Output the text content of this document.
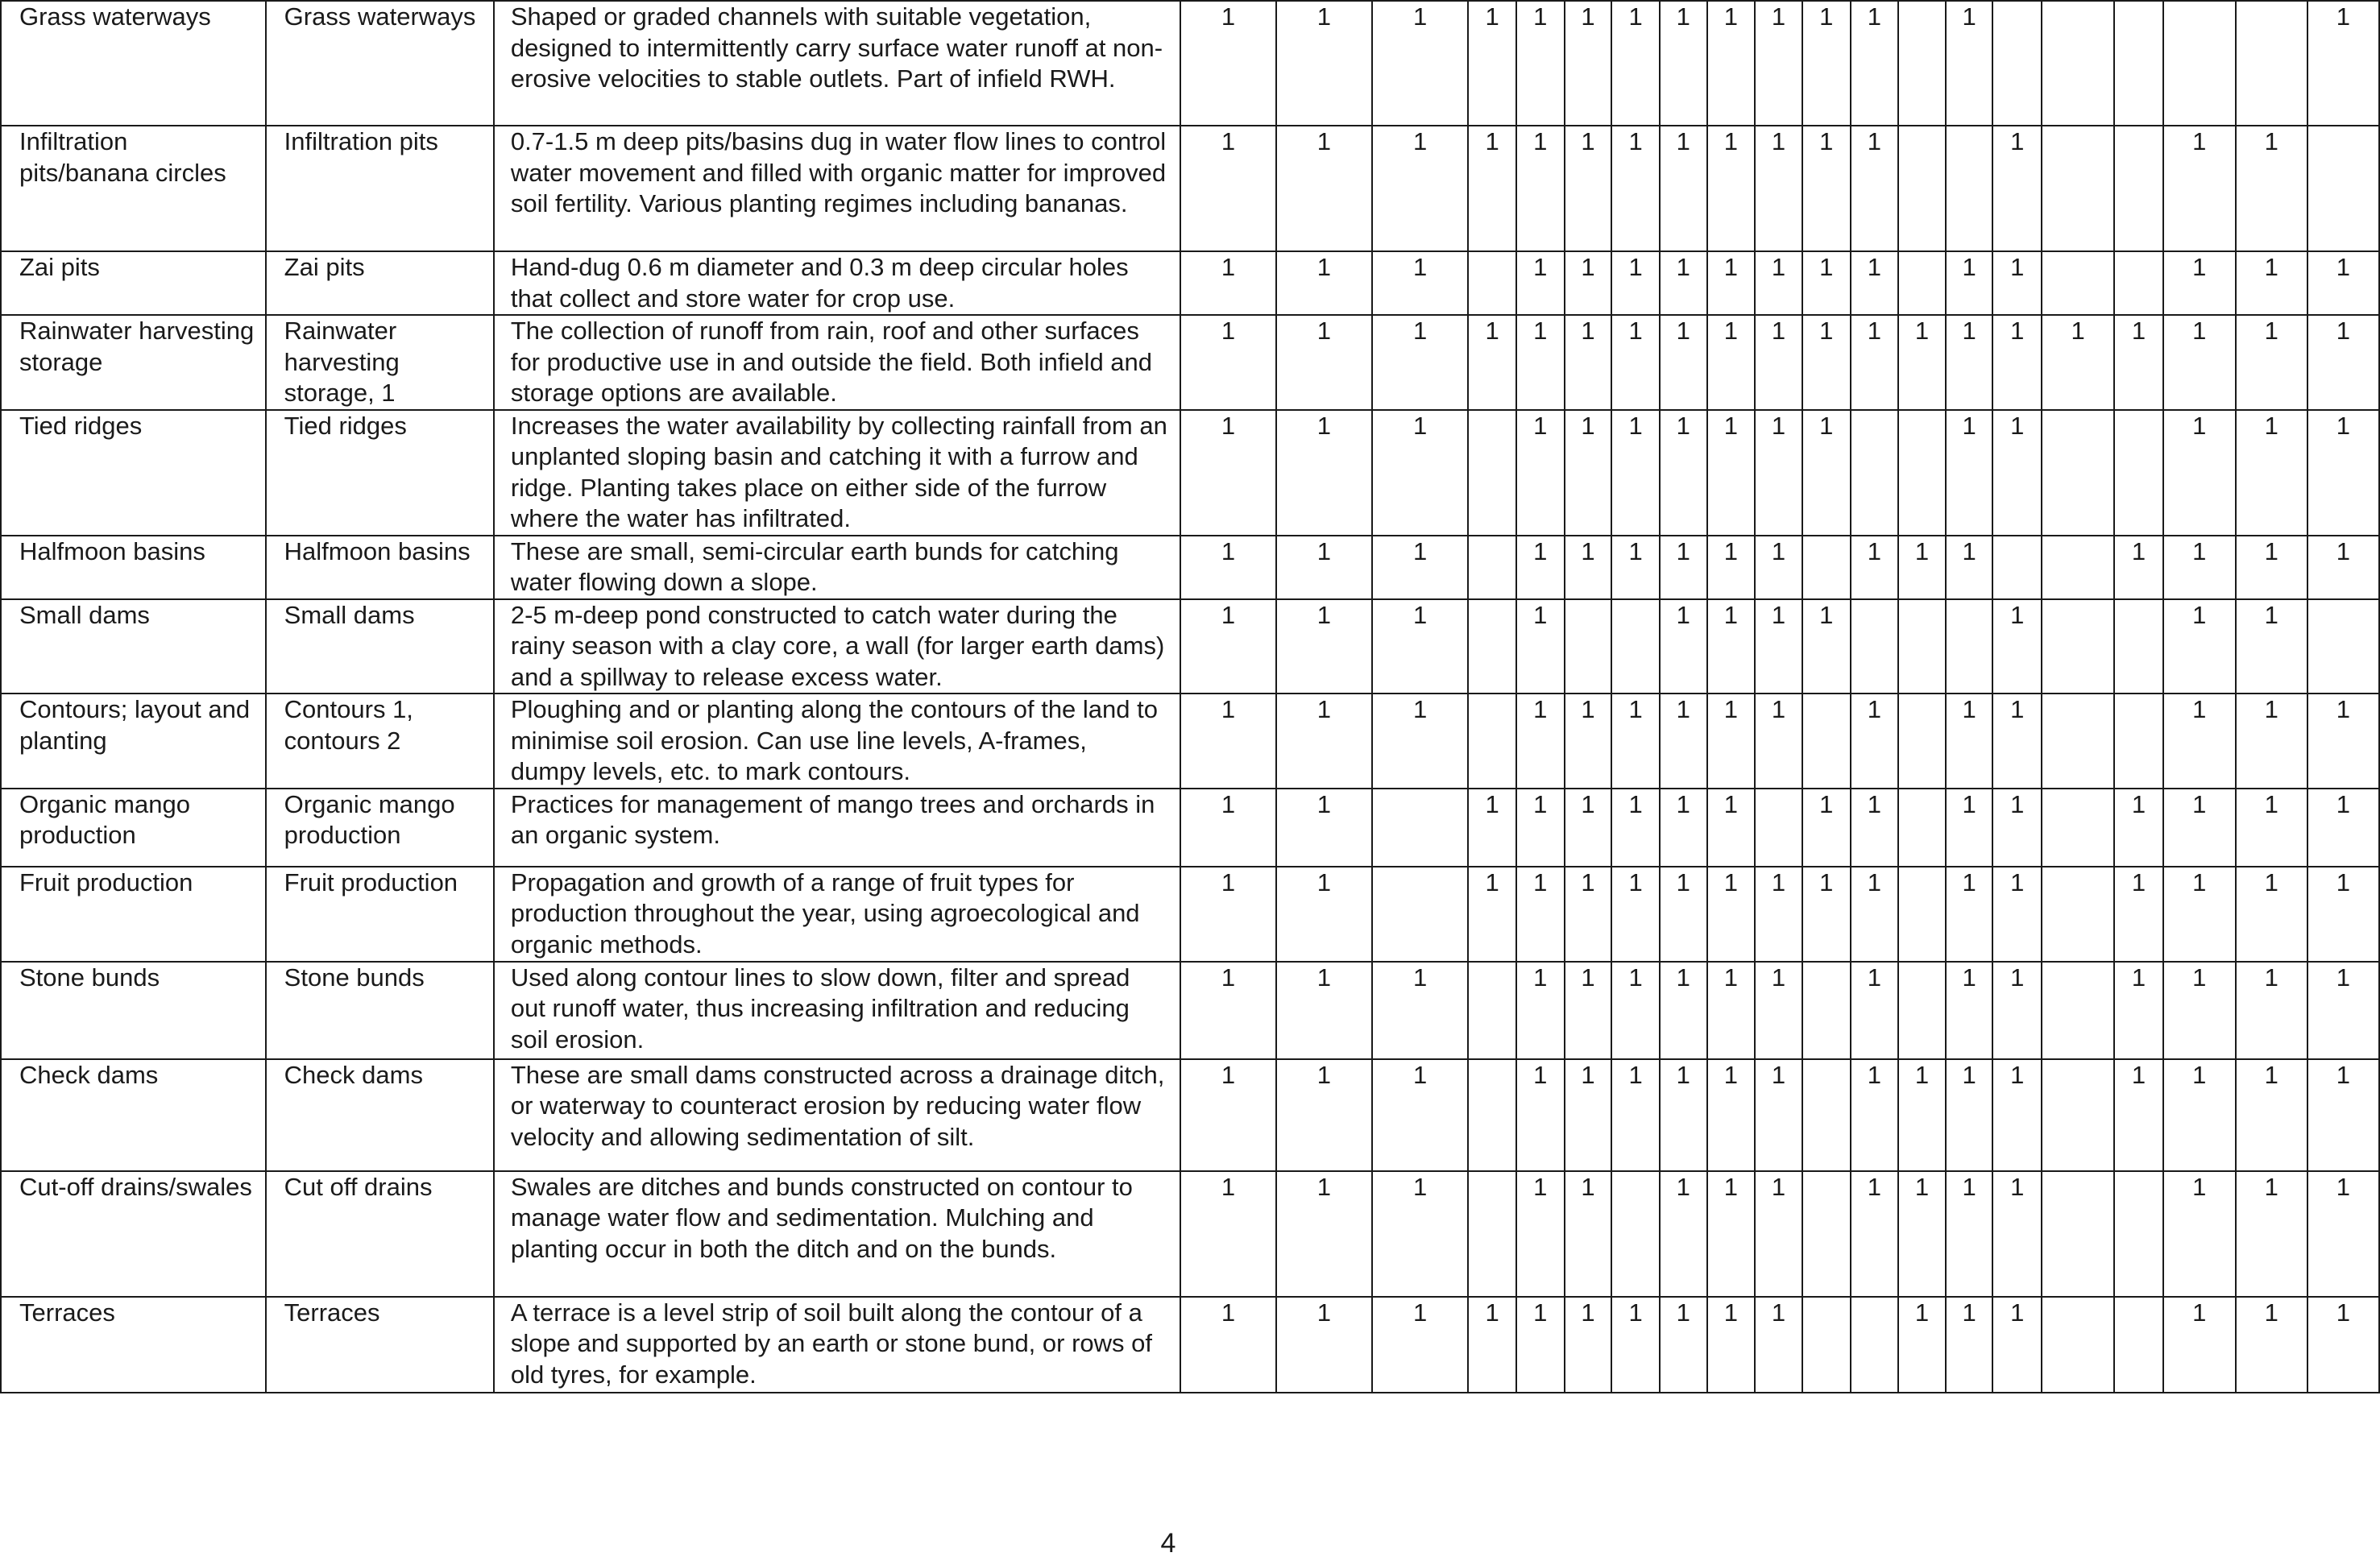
Grass waterways	Grass waterways	Shaped or graded channels with suitable vegetation, designed to intermittently carry surface water runoff at non-erosive velocities to stable outlets. Part of infield RWH.	1	1	1	1	1	1	1	1	1	1	1	1		1						1
Infiltration pits/banana circles	Infiltration pits	0.7-1.5 m deep pits/basins dug in water flow lines to control water movement and filled with organic matter for improved soil fertility. Various planting regimes including bananas.	1	1	1	1	1	1	1	1	1	1	1	1			1			1	1	
Zai pits	Zai pits	Hand-dug 0.6 m diameter and 0.3 m deep circular holes that collect and store water for crop use.	1	1	1		1	1	1	1	1	1	1	1		1	1			1	1	1
Rainwater harvesting storage	Rainwater harvesting storage, 1	The collection of runoff from rain, roof and other surfaces for productive use in and outside the field. Both infield and storage options are available.	1	1	1	1	1	1	1	1	1	1	1	1	1	1	1	1	1	1	1	1
Tied ridges	Tied ridges	Increases the water availability by collecting rainfall from an unplanted sloping basin and catching it with a furrow and ridge. Planting takes place on either side of the furrow where the water has infiltrated.	1	1	1		1	1	1	1	1	1	1			1	1			1	1	1
Halfmoon basins	Halfmoon basins	These are small, semi-circular earth bunds for catching water flowing down a slope.	1	1	1		1	1	1	1	1	1		1	1	1			1	1	1	1
Small dams	Small dams	2-5 m-deep pond constructed to catch water during the rainy season with a clay core, a wall (for larger earth dams) and a spillway to release excess water.	1	1	1		1			1	1	1	1				1			1	1	
Contours; layout and planting	Contours 1, contours 2	Ploughing and or planting along the contours of the land to minimise soil erosion. Can use line levels, A-frames, dumpy levels, etc. to mark contours.	1	1	1		1	1	1	1	1	1		1		1	1			1	1	1
Organic mango production	Organic mango production	Practices for management of mango trees and orchards in an organic system.	1	1		1	1	1	1	1	1		1	1		1	1		1	1	1	1
Fruit production	Fruit production	Propagation and growth of a range of fruit types for production throughout the year, using agroecological and organic methods.	1	1		1	1	1	1	1	1	1	1	1		1	1		1	1	1	1
Stone bunds	Stone bunds	Used along contour lines to slow down, filter and spread out runoff water, thus increasing infiltration and reducing soil erosion.	1	1	1		1	1	1	1	1	1		1		1	1		1	1	1	1
Check dams	Check dams	These are small dams constructed across a drainage ditch, or waterway to counteract erosion by reducing water flow velocity and allowing sedimentation of silt.	1	1	1		1	1	1	1	1	1		1	1	1	1		1	1	1	1
Cut-off drains/swales	Cut off drains	Swales are ditches and bunds constructed on contour to manage water flow and sedimentation. Mulching and planting occur in both the ditch and on the bunds.	1	1	1		1	1		1	1	1		1	1	1	1			1	1	1
Terraces	Terraces	A terrace is a level strip of soil built along the contour of a slope and supported by an earth or stone bund, or rows of old tyres, for example.	1	1	1	1	1	1	1	1	1	1			1	1	1			1	1	1
4
